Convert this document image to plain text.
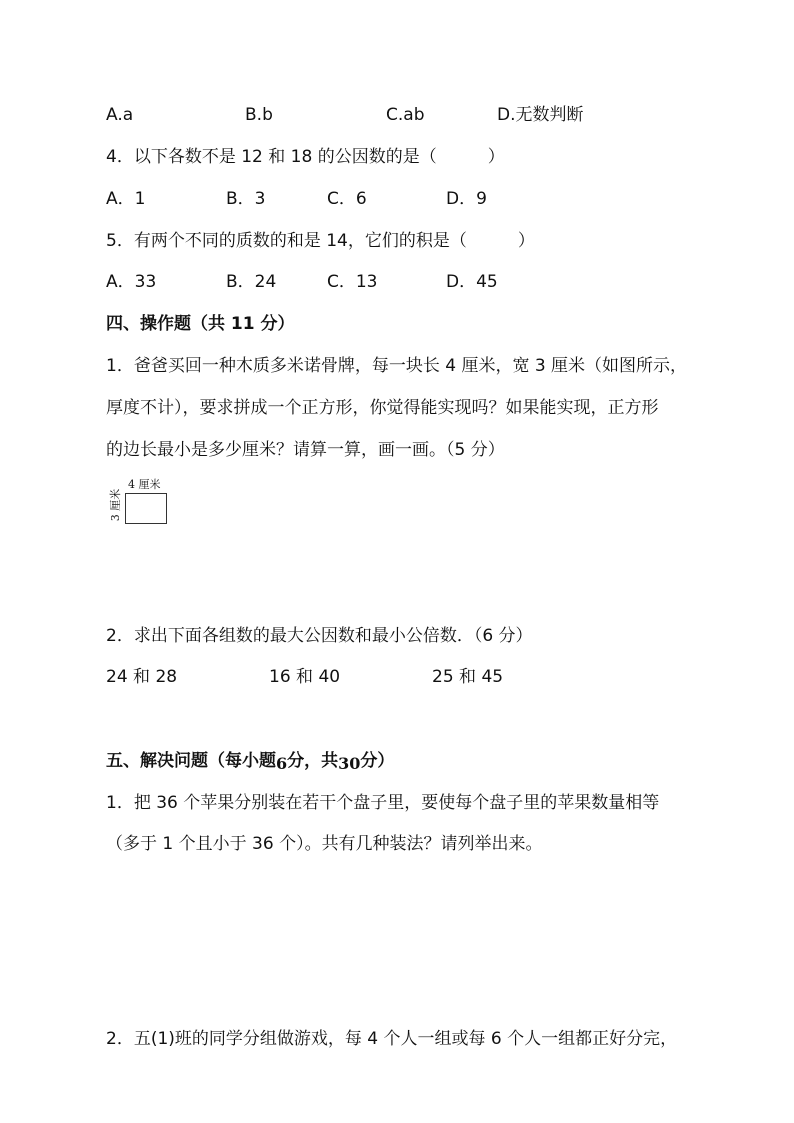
A.a	B.b	C.ab	D.无数判断
4．以下各数不是 12 和 18 的公因数的是（　　　）
A．1	B．3	C．6	D．9
5．有两个不同的质数的和是 14，它们的积是（　　　）
A．33	B．24	C．13	D．45
四、操作题（共 11 分）
1．爸爸买回一种木质多米诺骨牌，每一块长 4 厘米，宽 3 厘米（如图所示，
厚度不计），要求拼成一个正方形，你觉得能实现吗？如果能实现，正方形
的边长最小是多少厘米？请算一算，画一画。（5 分）
4 厘米
3 厘米
2．求出下面各组数的最大公因数和最小公倍数．（6 分）
24 和 28	16 和 40	25 和 45
五、解决问题（每小题6分，共30分）
1．把 36 个苹果分别装在若干个盘子里，要使每个盘子里的苹果数量相等
（多于 1 个且小于 36 个）。共有几种装法？请列举出来。
2．五(1)班的同学分组做游戏，每 4 个人一组或每 6 个人一组都正好分完，
